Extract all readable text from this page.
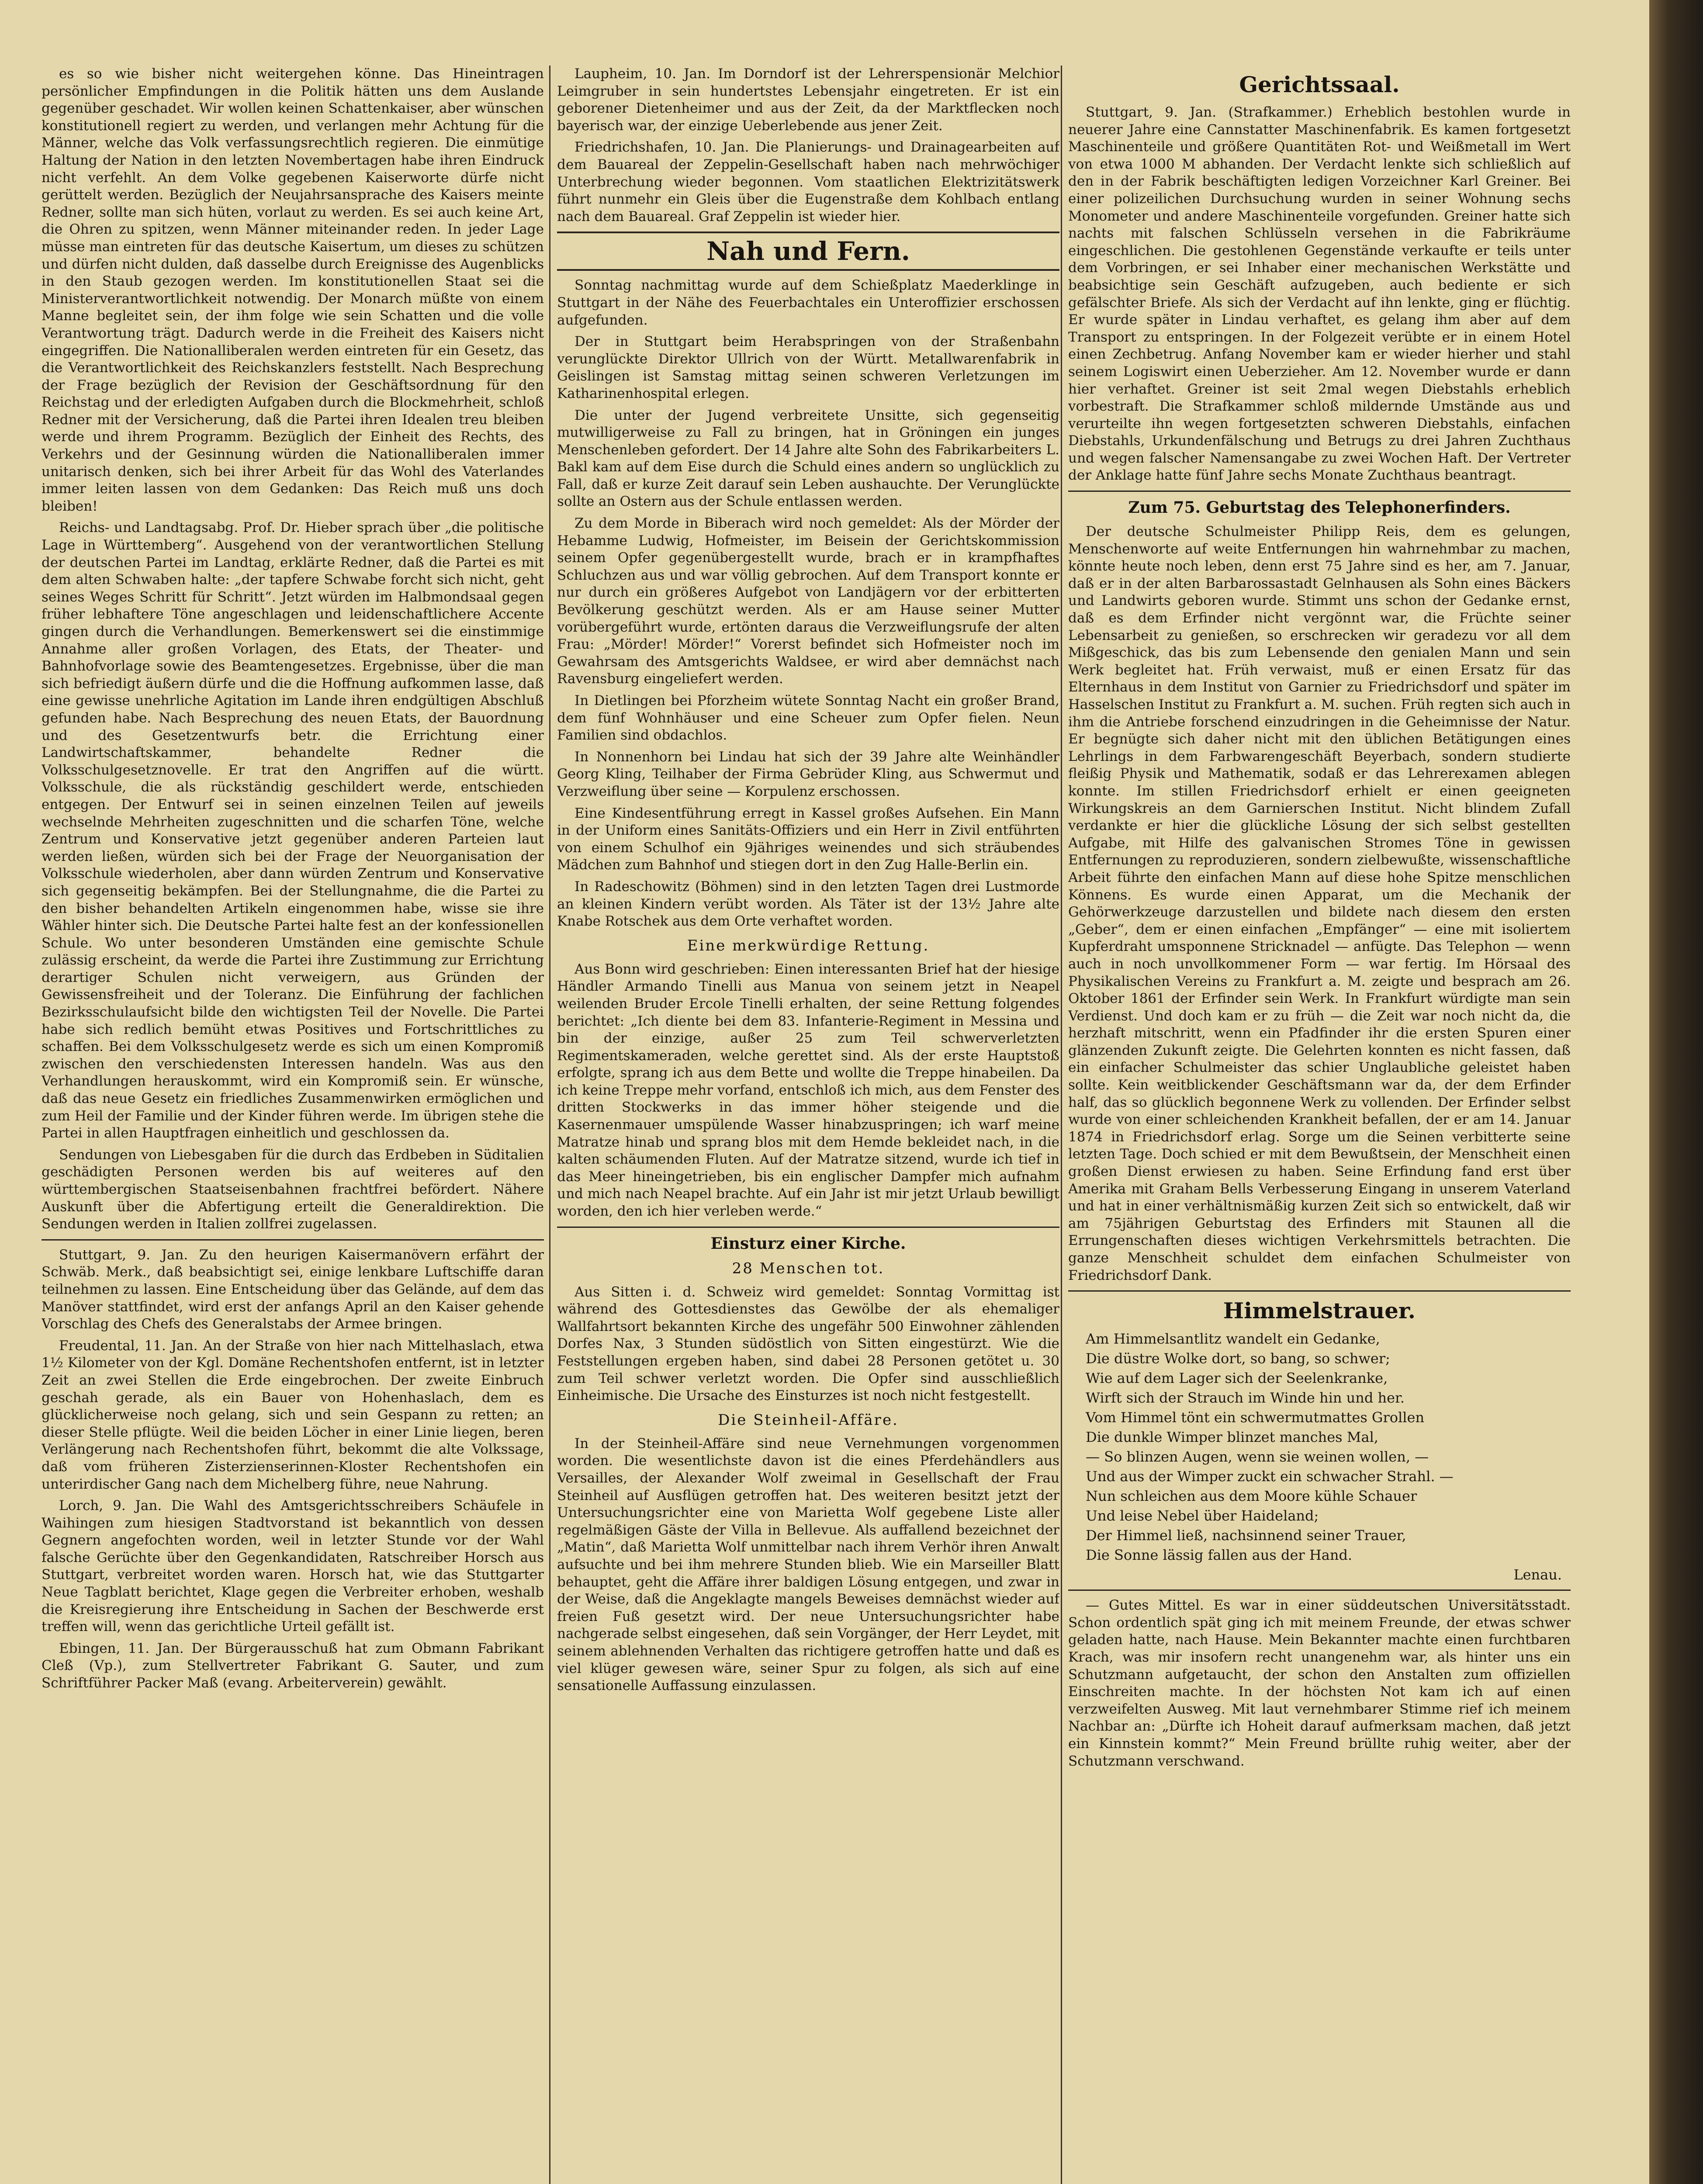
es so wie bisher nicht weitergehen könne. Das Hineintragen persönlicher Empfindungen in die Politik hätten uns dem Auslande gegenüber geschadet. Wir wollen keinen Schattenkaiser, aber wünschen konstitutionell regiert zu werden, und verlangen mehr Achtung für die Männer, welche das Volk verfassungsrechtlich regieren. Die einmütige Haltung der Nation in den letzten Novembertagen habe ihren Eindruck nicht verfehlt. An dem Volke gegebenen Kaiserworte dürfe nicht gerüttelt werden. Bezüglich der Neujahrsansprache des Kaisers meinte Redner, sollte man sich hüten, vorlaut zu werden. Es sei auch keine Art, die Ohren zu spitzen, wenn Männer miteinander reden. In jeder Lage müsse man eintreten für das deutsche Kaisertum, um dieses zu schützen und dürfen nicht dulden, daß dasselbe durch Ereignisse des Augenblicks in den Staub gezogen werden. Im konstitutionellen Staat sei die Ministerverantwortlichkeit notwendig. Der Monarch müßte von einem Manne begleitet sein, der ihm folge wie sein Schatten und die volle Verantwortung trägt. Dadurch werde in die Freiheit des Kaisers nicht eingegriffen. Die Nationalliberalen werden eintreten für ein Gesetz, das die Verantwortlichkeit des Reichskanzlers feststellt. Nach Besprechung der Frage bezüglich der Revision der Geschäftsordnung für den Reichstag und der erledigten Aufgaben durch die Blockmehrheit, schloß Redner mit der Versicherung, daß die Partei ihren Idealen treu bleiben werde und ihrem Programm. Bezüglich der Einheit des Rechts, des Verkehrs und der Gesinnung würden die Nationalliberalen immer unitarisch denken, sich bei ihrer Arbeit für das Wohl des Vaterlandes immer leiten lassen von dem Gedanken: Das Reich muß uns doch bleiben!

Reichs- und Landtagsabg. Prof. Dr. Hieber sprach über „die politische Lage in Württemberg“. Ausgehend von der verantwortlichen Stellung der deutschen Partei im Landtag, erklärte Redner, daß die Partei es mit dem alten Schwaben halte: „der tapfere Schwabe forcht sich nicht, geht seines Weges Schritt für Schritt“. Jetzt würden im Halbmondsaal gegen früher lebhaftere Töne angeschlagen und leidenschaftlichere Accente gingen durch die Verhandlungen. Bemerkenswert sei die einstimmige Annahme aller großen Vorlagen, des Etats, der Theater- und Bahnhofvorlage sowie des Beamtengesetzes. Ergebnisse, über die man sich befriedigt äußern dürfe und die die Hoffnung aufkommen lasse, daß eine gewisse unehrliche Agitation im Lande ihren endgültigen Abschluß gefunden habe. Nach Besprechung des neuen Etats, der Bauordnung und des Gesetzentwurfs betr. die Errichtung einer Landwirtschaftskammer, behandelte Redner die Volksschulgesetznovelle. Er trat den Angriffen auf die württ. Volksschule, die als rückständig geschildert werde, entschieden entgegen. Der Entwurf sei in seinen einzelnen Teilen auf jeweils wechselnde Mehrheiten zugeschnitten und die scharfen Töne, welche Zentrum und Konservative jetzt gegenüber anderen Parteien laut werden ließen, würden sich bei der Frage der Neuorganisation der Volksschule wiederholen, aber dann würden Zentrum und Konservative sich gegenseitig bekämpfen. Bei der Stellungnahme, die die Partei zu den bisher behandelten Artikeln eingenommen habe, wisse sie ihre Wähler hinter sich. Die Deutsche Partei halte fest an der konfessionellen Schule. Wo unter besonderen Umständen eine gemischte Schule zulässig erscheint, da werde die Partei ihre Zustimmung zur Errichtung derartiger Schulen nicht verweigern, aus Gründen der Gewissensfreiheit und der Toleranz. Die Einführung der fachlichen Bezirksschulaufsicht bilde den wichtigsten Teil der Novelle. Die Partei habe sich redlich bemüht etwas Positives und Fortschrittliches zu schaffen. Bei dem Volksschulgesetz werde es sich um einen Kompromiß zwischen den verschiedensten Interessen handeln. Was aus den Verhandlungen herauskommt, wird ein Kompromiß sein. Er wünsche, daß das neue Gesetz ein friedliches Zusammenwirken ermöglichen und zum Heil der Familie und der Kinder führen werde. Im übrigen stehe die Partei in allen Hauptfragen einheitlich und geschlossen da.

Sendungen von Liebesgaben für die durch das Erdbeben in Süditalien geschädigten Personen werden bis auf weiteres auf den württembergischen Staatseisenbahnen frachtfrei befördert. Nähere Auskunft über die Abfertigung erteilt die Generaldirektion. Die Sendungen werden in Italien zollfrei zugelassen.

Stuttgart, 9. Jan. Zu den heurigen Kaisermanövern erfährt der Schwäb. Merk., daß beabsichtigt sei, einige lenkbare Luftschiffe daran teilnehmen zu lassen. Eine Entscheidung über das Gelände, auf dem das Manöver stattfindet, wird erst der anfangs April an den Kaiser gehende Vorschlag des Chefs des Generalstabs der Armee bringen.

Freudental, 11. Jan. An der Straße von hier nach Mittelhaslach, etwa 1½ Kilometer von der Kgl. Domäne Rechentshofen entfernt, ist in letzter Zeit an zwei Stellen die Erde eingebrochen. Der zweite Einbruch geschah gerade, als ein Bauer von Hohenhaslach, dem es glücklicherweise noch gelang, sich und sein Gespann zu retten; an dieser Stelle pflügte. Weil die beiden Löcher in einer Linie liegen, beren Verlängerung nach Rechentshofen führt, bekommt die alte Volkssage, daß vom früheren Zisterzienserinnen-Kloster Rechentshofen ein unterirdischer Gang nach dem Michelberg führe, neue Nahrung.

Lorch, 9. Jan. Die Wahl des Amtsgerichtsschreibers Schäufele in Waihingen zum hiesigen Stadtvorstand ist bekanntlich von dessen Gegnern angefochten worden, weil in letzter Stunde vor der Wahl falsche Gerüchte über den Gegenkandidaten, Ratschreiber Horsch aus Stuttgart, verbreitet worden waren. Horsch hat, wie das Stuttgarter Neue Tagblatt berichtet, Klage gegen die Verbreiter erhoben, weshalb die Kreisregierung ihre Entscheidung in Sachen der Beschwerde erst treffen will, wenn das gerichtliche Urteil gefällt ist.

Ebingen, 11. Jan. Der Bürgerausschuß hat zum Obmann Fabrikant Cleß (Vp.), zum Stellvertreter Fabrikant G. Sauter, und zum Schriftführer Packer Maß (evang. Arbeiterverein) gewählt.

Laupheim, 10. Jan. Im Dorndorf ist der Lehrerspensionär Melchior Leimgruber in sein hundertstes Lebensjahr eingetreten. Er ist ein geborener Dietenheimer und aus der Zeit, da der Marktflecken noch bayerisch war, der einzige Ueberlebende aus jener Zeit.

Friedrichshafen, 10. Jan. Die Planierungs- und Drainagearbeiten auf dem Bauareal der Zeppelin-Gesellschaft haben nach mehrwöchiger Unterbrechung wieder begonnen. Vom staatlichen Elektrizitätswerk führt nunmehr ein Gleis über die Eugenstraße dem Kohlbach entlang nach dem Bauareal. Graf Zeppelin ist wieder hier.

Nah und Fern.

Sonntag nachmittag wurde auf dem Schießplatz Maederklinge in Stuttgart in der Nähe des Feuerbachtales ein Unteroffizier erschossen aufgefunden.

Der in Stuttgart beim Herabspringen von der Straßenbahn verunglückte Direktor Ullrich von der Württ. Metallwarenfabrik in Geislingen ist Samstag mittag seinen schweren Verletzungen im Katharinenhospital erlegen.

Die unter der Jugend verbreitete Unsitte, sich gegenseitig mutwilligerweise zu Fall zu bringen, hat in Gröningen ein junges Menschenleben gefordert. Der 14 Jahre alte Sohn des Fabrikarbeiters L. Bakl kam auf dem Eise durch die Schuld eines andern so unglücklich zu Fall, daß er kurze Zeit darauf sein Leben aushauchte. Der Verunglückte sollte an Ostern aus der Schule entlassen werden.

Zu dem Morde in Biberach wird noch gemeldet: Als der Mörder der Hebamme Ludwig, Hofmeister, im Beisein der Gerichtskommission seinem Opfer gegenübergestellt wurde, brach er in krampfhaftes Schluchzen aus und war völlig gebrochen. Auf dem Transport konnte er nur durch ein größeres Aufgebot von Landjägern vor der erbitterten Bevölkerung geschützt werden. Als er am Hause seiner Mutter vorübergeführt wurde, ertönten daraus die Verzweiflungsrufe der alten Frau: „Mörder! Mörder!“ Vorerst befindet sich Hofmeister noch im Gewahrsam des Amtsgerichts Waldsee, er wird aber demnächst nach Ravensburg eingeliefert werden.

In Dietlingen bei Pforzheim wütete Sonntag Nacht ein großer Brand, dem fünf Wohnhäuser und eine Scheuer zum Opfer fielen. Neun Familien sind obdachlos.

In Nonnenhorn bei Lindau hat sich der 39 Jahre alte Weinhändler Georg Kling, Teilhaber der Firma Gebrüder Kling, aus Schwermut und Verzweiflung über seine — Korpulenz erschossen.

Eine Kindesentführung erregt in Kassel großes Aufsehen. Ein Mann in der Uniform eines Sanitäts-Offiziers und ein Herr in Zivil entführten von einem Schulhof ein 9jähriges weinendes und sich sträubendes Mädchen zum Bahnhof und stiegen dort in den Zug Halle-Berlin ein.

In Radeschowitz (Böhmen) sind in den letzten Tagen drei Lustmorde an kleinen Kindern verübt worden. Als Täter ist der 13½ Jahre alte Knabe Rotschek aus dem Orte verhaftet worden.

Eine merkwürdige Rettung.

Aus Bonn wird geschrieben: Einen interessanten Brief hat der hiesige Händler Armando Tinelli aus Manua von seinem jetzt in Neapel weilenden Bruder Ercole Tinelli erhalten, der seine Rettung folgendes berichtet: „Ich diente bei dem 83. Infanterie-Regiment in Messina und bin der einzige, außer 25 zum Teil schwerverletzten Regimentskameraden, welche gerettet sind. Als der erste Hauptstoß erfolgte, sprang ich aus dem Bette und wollte die Treppe hinabeilen. Da ich keine Treppe mehr vorfand, entschloß ich mich, aus dem Fenster des dritten Stockwerks in das immer höher steigende und die Kasernenmauer umspülende Wasser hinabzuspringen; ich warf meine Matratze hinab und sprang blos mit dem Hemde bekleidet nach, in die kalten schäumenden Fluten. Auf der Matratze sitzend, wurde ich tief in das Meer hineingetrieben, bis ein englischer Dampfer mich aufnahm und mich nach Neapel brachte. Auf ein Jahr ist mir jetzt Urlaub bewilligt worden, den ich hier verleben werde.“

Einsturz einer Kirche.
28 Menschen tot.

Aus Sitten i. d. Schweiz wird gemeldet: Sonntag Vormittag ist während des Gottesdienstes das Gewölbe der als ehemaliger Wallfahrtsort bekannten Kirche des ungefähr 500 Einwohner zählenden Dorfes Nax, 3 Stunden südöstlich von Sitten eingestürzt. Wie die Feststellungen ergeben haben, sind dabei 28 Personen getötet u. 30 zum Teil schwer verletzt worden. Die Opfer sind ausschließlich Einheimische. Die Ursache des Einsturzes ist noch nicht festgestellt.

Die Steinheil-Affäre.

In der Steinheil-Affäre sind neue Vernehmungen vorgenommen worden. Die wesentlichste davon ist die eines Pferdehändlers aus Versailles, der Alexander Wolf zweimal in Gesellschaft der Frau Steinheil auf Ausflügen getroffen hat. Des weiteren besitzt jetzt der Untersuchungsrichter eine von Marietta Wolf gegebene Liste aller regelmäßigen Gäste der Villa in Bellevue. Als auffallend bezeichnet der „Matin“, daß Marietta Wolf unmittelbar nach ihrem Verhör ihren Anwalt aufsuchte und bei ihm mehrere Stunden blieb. Wie ein Marseiller Blatt behauptet, geht die Affäre ihrer baldigen Lösung entgegen, und zwar in der Weise, daß die Angeklagte mangels Beweises demnächst wieder auf freien Fuß gesetzt wird. Der neue Untersuchungsrichter habe nachgerade selbst eingesehen, daß sein Vorgänger, der Herr Leydet, mit seinem ablehnenden Verhalten das richtigere getroffen hatte und daß es viel klüger gewesen wäre, seiner Spur zu folgen, als sich auf eine sensationelle Auffassung einzulassen.

Gerichtssaal.

Stuttgart, 9. Jan. (Strafkammer.) Erheblich bestohlen wurde in neuerer Jahre eine Cannstatter Maschinenfabrik. Es kamen fortgesetzt Maschinenteile und größere Quantitäten Rot- und Weißmetall im Wert von etwa 1000 M abhanden. Der Verdacht lenkte sich schließlich auf den in der Fabrik beschäftigten ledigen Vorzeichner Karl Greiner. Bei einer polizeilichen Durchsuchung wurden in seiner Wohnung sechs Monometer und andere Maschinenteile vorgefunden. Greiner hatte sich nachts mit falschen Schlüsseln versehen in die Fabrikräume eingeschlichen. Die gestohlenen Gegenstände verkaufte er teils unter dem Vorbringen, er sei Inhaber einer mechanischen Werkstätte und beabsichtige sein Geschäft aufzugeben, auch bediente er sich gefälschter Briefe. Als sich der Verdacht auf ihn lenkte, ging er flüchtig. Er wurde später in Lindau verhaftet, es gelang ihm aber auf dem Transport zu entspringen. In der Folgezeit verübte er in einem Hotel einen Zechbetrug. Anfang November kam er wieder hierher und stahl seinem Logiswirt einen Ueberzieher. Am 12. November wurde er dann hier verhaftet. Greiner ist seit 2mal wegen Diebstahls erheblich vorbestraft. Die Strafkammer schloß mildernde Umstände aus und verurteilte ihn wegen fortgesetzten schweren Diebstahls, einfachen Diebstahls, Urkundenfälschung und Betrugs zu drei Jahren Zuchthaus und wegen falscher Namensangabe zu zwei Wochen Haft. Der Vertreter der Anklage hatte fünf Jahre sechs Monate Zuchthaus beantragt.

Zum 75. Geburtstag des Telephonerfinders.

Der deutsche Schulmeister Philipp Reis, dem es gelungen, Menschenworte auf weite Entfernungen hin wahrnehmbar zu machen, könnte heute noch leben, denn erst 75 Jahre sind es her, am 7. Januar, daß er in der alten Barbarossastadt Gelnhausen als Sohn eines Bäckers und Landwirts geboren wurde. Stimmt uns schon der Gedanke ernst, daß es dem Erfinder nicht vergönnt war, die Früchte seiner Lebensarbeit zu genießen, so erschrecken wir geradezu vor all dem Mißgeschick, das bis zum Lebensende den genialen Mann und sein Werk begleitet hat. Früh verwaist, muß er einen Ersatz für das Elternhaus in dem Institut von Garnier zu Friedrichsdorf und später im Hasselschen Institut zu Frankfurt a. M. suchen. Früh regten sich auch in ihm die Antriebe forschend einzudringen in die Geheimnisse der Natur. Er begnügte sich daher nicht mit den üblichen Betätigungen eines Lehrlings in dem Farbwarengeschäft Beyerbach, sondern studierte fleißig Physik und Mathematik, sodaß er das Lehrerexamen ablegen konnte. Im stillen Friedrichsdorf erhielt er einen geeigneten Wirkungskreis an dem Garnierschen Institut. Nicht blindem Zufall verdankte er hier die glückliche Lösung der sich selbst gestellten Aufgabe, mit Hilfe des galvanischen Stromes Töne in gewissen Entfernungen zu reproduzieren, sondern zielbewußte, wissenschaftliche Arbeit führte den einfachen Mann auf diese hohe Spitze menschlichen Könnens. Es wurde einen Apparat, um die Mechanik der Gehörwerkzeuge darzustellen und bildete nach diesem den ersten „Geber“, dem er einen einfachen „Empfänger“ — eine mit isoliertem Kupferdraht umsponnene Stricknadel — anfügte. Das Telephon — wenn auch in noch unvollkommener Form — war fertig. Im Hörsaal des Physikalischen Vereins zu Frankfurt a. M. zeigte und besprach am 26. Oktober 1861 der Erfinder sein Werk. In Frankfurt würdigte man sein Verdienst. Und doch kam er zu früh — die Zeit war noch nicht da, die herzhaft mitschritt, wenn ein Pfadfinder ihr die ersten Spuren einer glänzenden Zukunft zeigte. Die Gelehrten konnten es nicht fassen, daß ein einfacher Schulmeister das schier Unglaubliche geleistet haben sollte. Kein weitblickender Geschäftsmann war da, der dem Erfinder half, das so glücklich begonnene Werk zu vollenden. Der Erfinder selbst wurde von einer schleichenden Krankheit befallen, der er am 14. Januar 1874 in Friedrichsdorf erlag. Sorge um die Seinen verbitterte seine letzten Tage. Doch schied er mit dem Bewußtsein, der Menschheit einen großen Dienst erwiesen zu haben. Seine Erfindung fand erst über Amerika mit Graham Bells Verbesserung Eingang in unserem Vaterland und hat in einer verhältnismäßig kurzen Zeit sich so entwickelt, daß wir am 75jährigen Geburtstag des Erfinders mit Staunen all die Errungenschaften dieses wichtigen Verkehrsmittels betrachten. Die ganze Menschheit schuldet dem einfachen Schulmeister von Friedrichsdorf Dank.

Himmelstrauer.

Am Himmelsantlitz wandelt ein Gedanke,

Die düstre Wolke dort, so bang, so schwer;

Wie auf dem Lager sich der Seelenkranke,

Wirft sich der Strauch im Winde hin und her.

Vom Himmel tönt ein schwermutmattes Grollen

Die dunkle Wimper blinzet manches Mal,

— So blinzen Augen, wenn sie weinen wollen, —

Und aus der Wimper zuckt ein schwacher Strahl. —

Nun schleichen aus dem Moore kühle Schauer

Und leise Nebel über Haideland;

Der Himmel ließ, nachsinnend seiner Trauer,

Die Sonne lässig fallen aus der Hand.

Lenau.

— Gutes Mittel. Es war in einer süddeutschen Universitätsstadt. Schon ordentlich spät ging ich mit meinem Freunde, der etwas schwer geladen hatte, nach Hause. Mein Bekannter machte einen furchtbaren Krach, was mir insofern recht unangenehm war, als hinter uns ein Schutzmann aufgetaucht, der schon den Anstalten zum offiziellen Einschreiten machte. In der höchsten Not kam ich auf einen verzweifelten Ausweg. Mit laut vernehmbarer Stimme rief ich meinem Nachbar an: „Dürfte ich Hoheit darauf aufmerksam machen, daß jetzt ein Kinnstein kommt?“ Mein Freund brüllte ruhig weiter, aber der Schutzmann verschwand.
